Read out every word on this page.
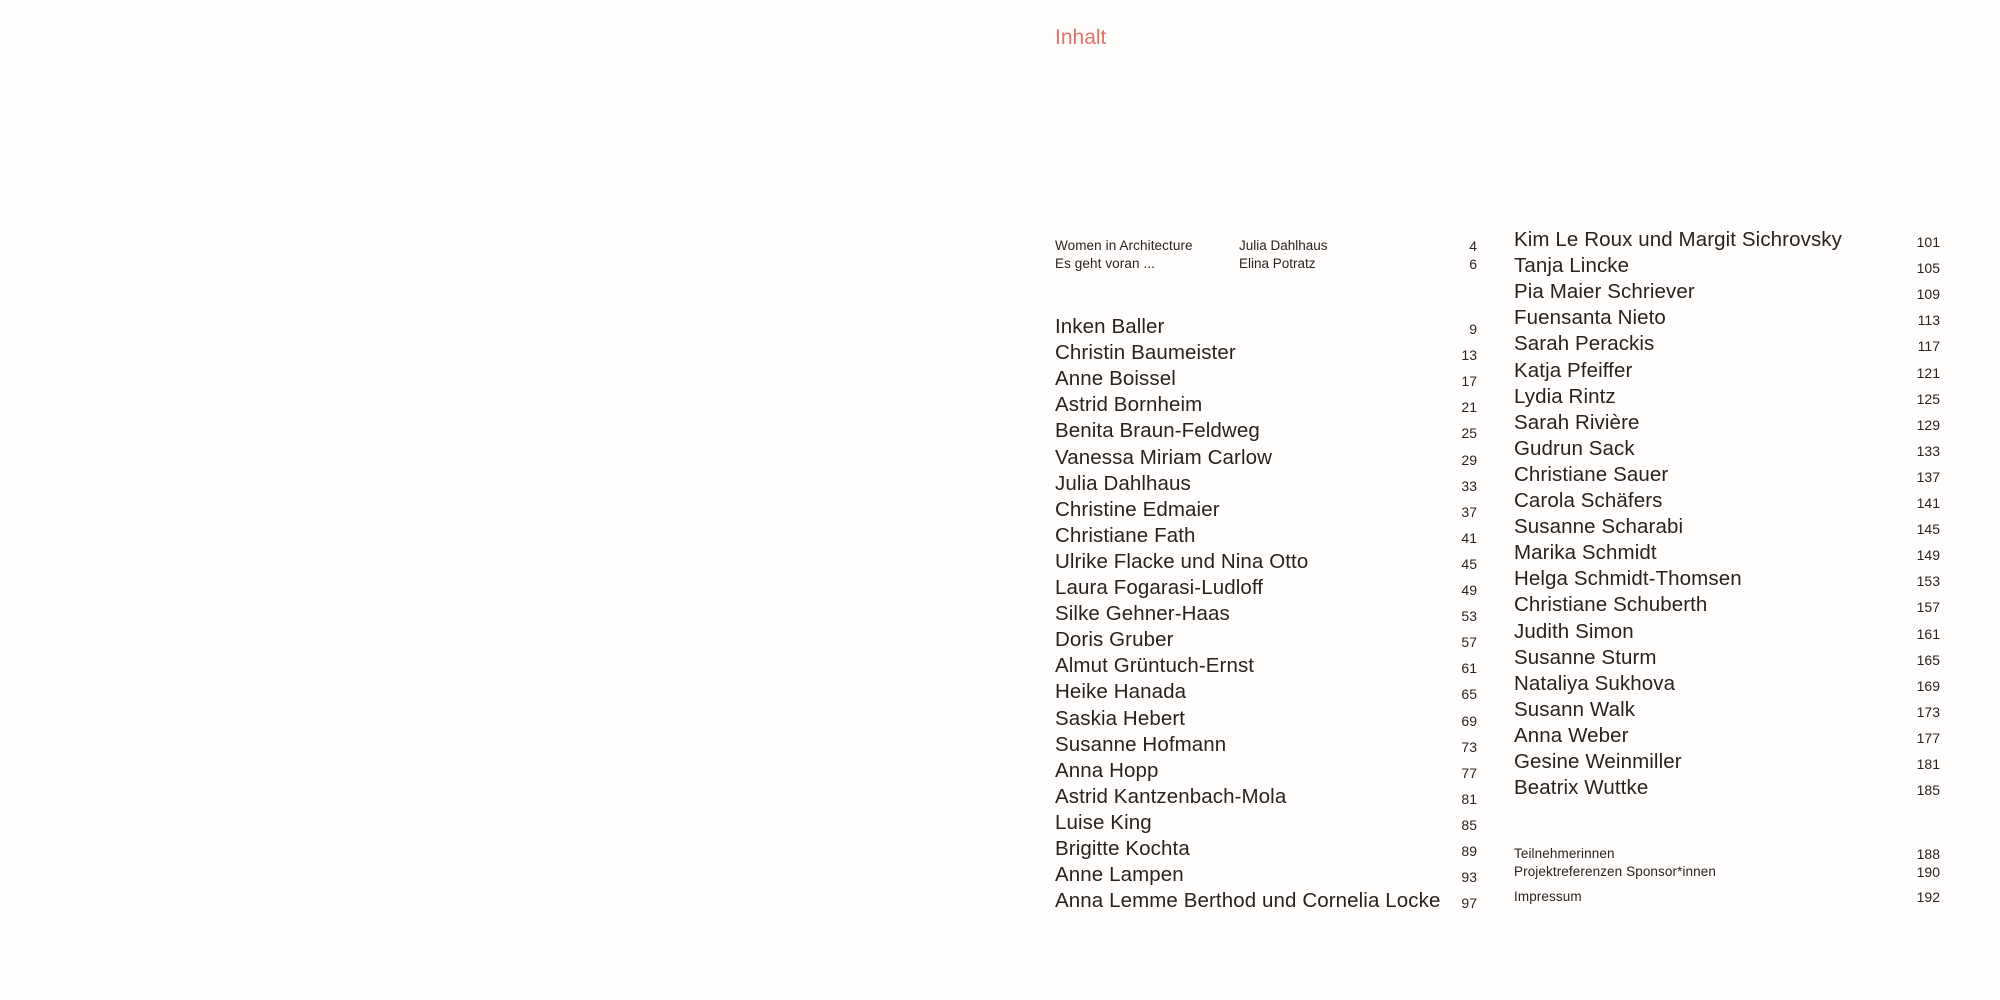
Inhalt
Women in Architecture	Julia Dahlhaus	4
Es geht voran ...	Elina Potratz	6
Inken Baller	9
Christin Baumeister	13
Anne Boissel	17
Astrid Bornheim	21
Benita Braun-Feldweg	25
Vanessa Miriam Carlow	29
Julia Dahlhaus	33
Christine Edmaier	37
Christiane Fath	41
Ulrike Flacke und Nina Otto	45
Laura Fogarasi-Ludloff	49
Silke Gehner-Haas	53
Doris Gruber	57
Almut Grüntuch-Ernst	61
Heike Hanada	65
Saskia Hebert	69
Susanne Hofmann	73
Anna Hopp	77
Astrid Kantzenbach-Mola	81
Luise King	85
Brigitte Kochta	89
Anne Lampen	93
Anna Lemme Berthod und Cornelia Locke 97
Kim Le Roux und Margit Sichrovsky	101
Tanja Lincke	105
Pia Maier Schriever	109
Fuensanta Nieto	113
Sarah Perackis	117
Katja Pfeiffer	121
Lydia Rintz	125
Sarah Rivière	129
Gudrun Sack	133
Christiane Sauer	137
Carola Schäfers	141
Susanne Scharabi	145
Marika Schmidt	149
Helga Schmidt-Thomsen	153
Christiane Schuberth	157
Judith Simon	161
Susanne Sturm	165
Nataliya Sukhova	169
Susann Walk	173
Anna Weber	177
Gesine Weinmiller	181
Beatrix Wuttke	185
Teilnehmerinnen	188
Projektreferenzen Sponsor*innen	190
Impressum	192
